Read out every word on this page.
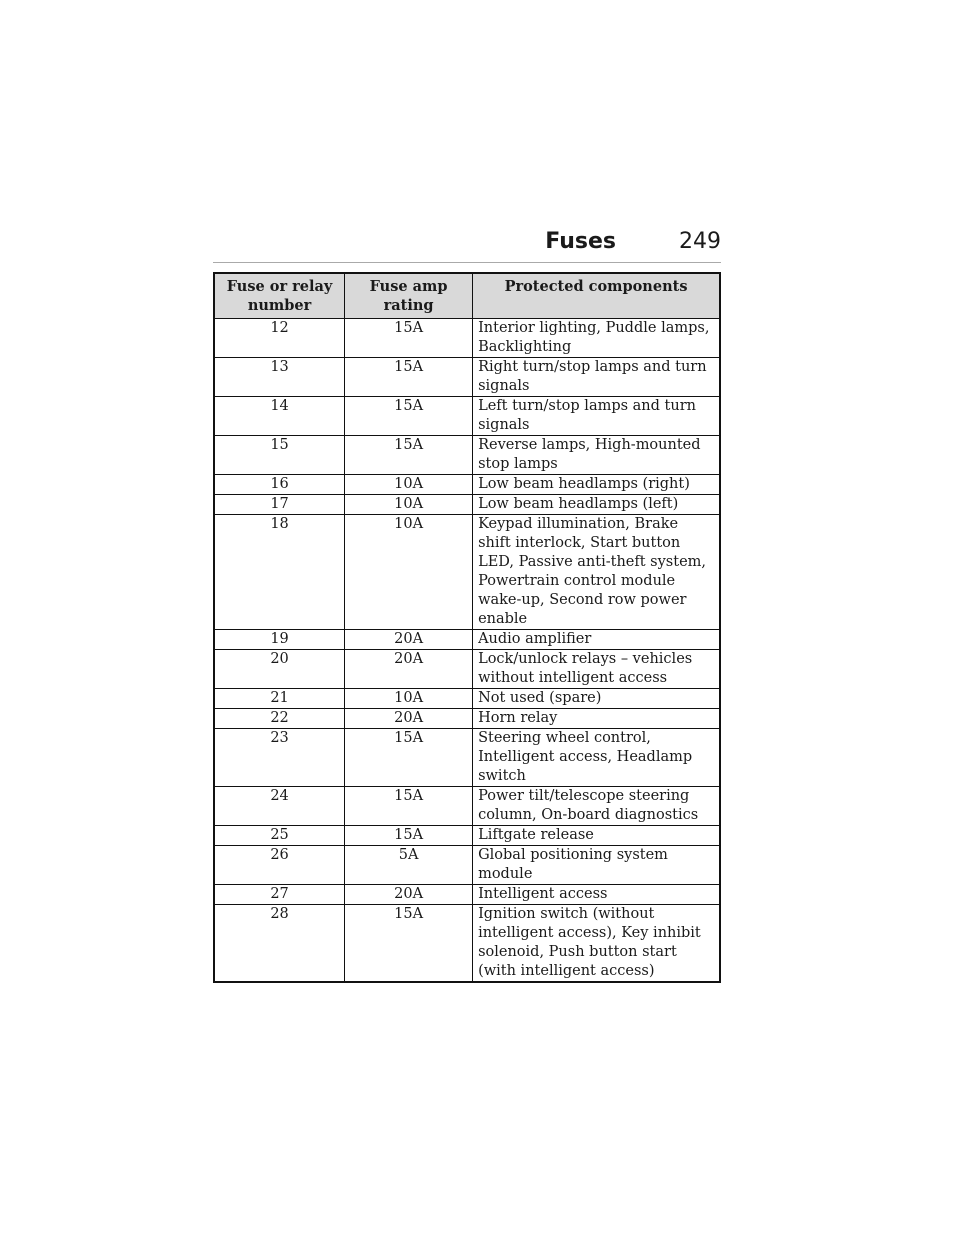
Fuses	249
Fuse or relay number	Fuse amp rating	Protected components
12	15A	Interior lighting, Puddle lamps, Backlighting
13	15A	Right turn/stop lamps and turn signals
14	15A	Left turn/stop lamps and turn signals
15	15A	Reverse lamps, High-mounted stop lamps
16	10A	Low beam headlamps (right)
17	10A	Low beam headlamps (left)
18	10A	Keypad illumination, Brake shift interlock, Start button LED, Passive anti-theft system, Powertrain control module wake-up, Second row power enable
19	20A	Audio amplifier
20	20A	Lock/unlock relays – vehicles without intelligent access
21	10A	Not used (spare)
22	20A	Horn relay
23	15A	Steering wheel control, Intelligent access, Headlamp switch
24	15A	Power tilt/telescope steering column, On-board diagnostics
25	15A	Liftgate release
26	5A	Global positioning system module
27	20A	Intelligent access
28	15A	Ignition switch (without intelligent access), Key inhibit solenoid, Push button start (with intelligent access)
